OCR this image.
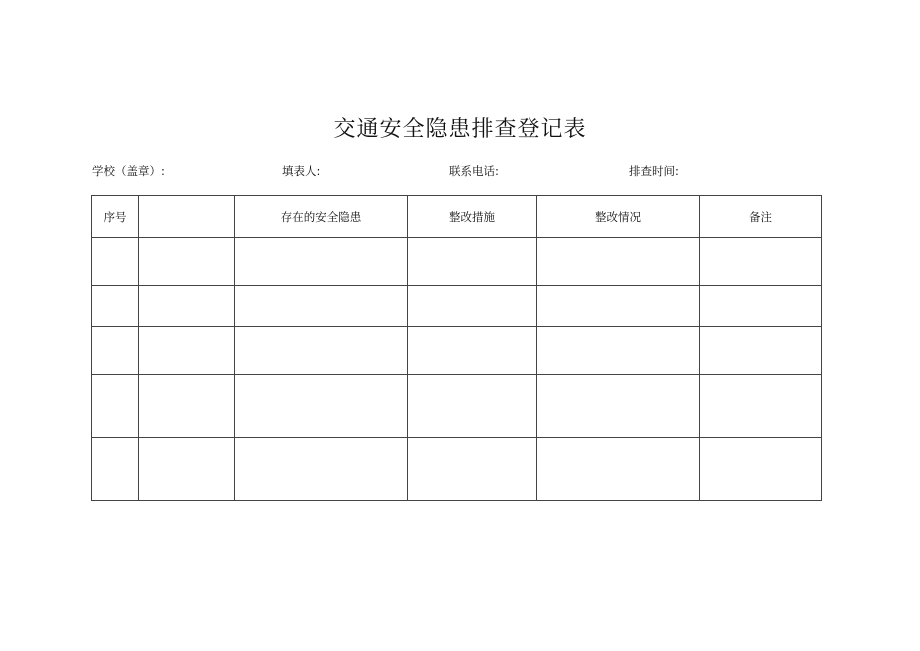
交通安全隐患排查登记表
学校（盖章）:	填表人:	联系电话:	排查时间:
序号		存在的安全隐患	整改措施	整改情况	备注
